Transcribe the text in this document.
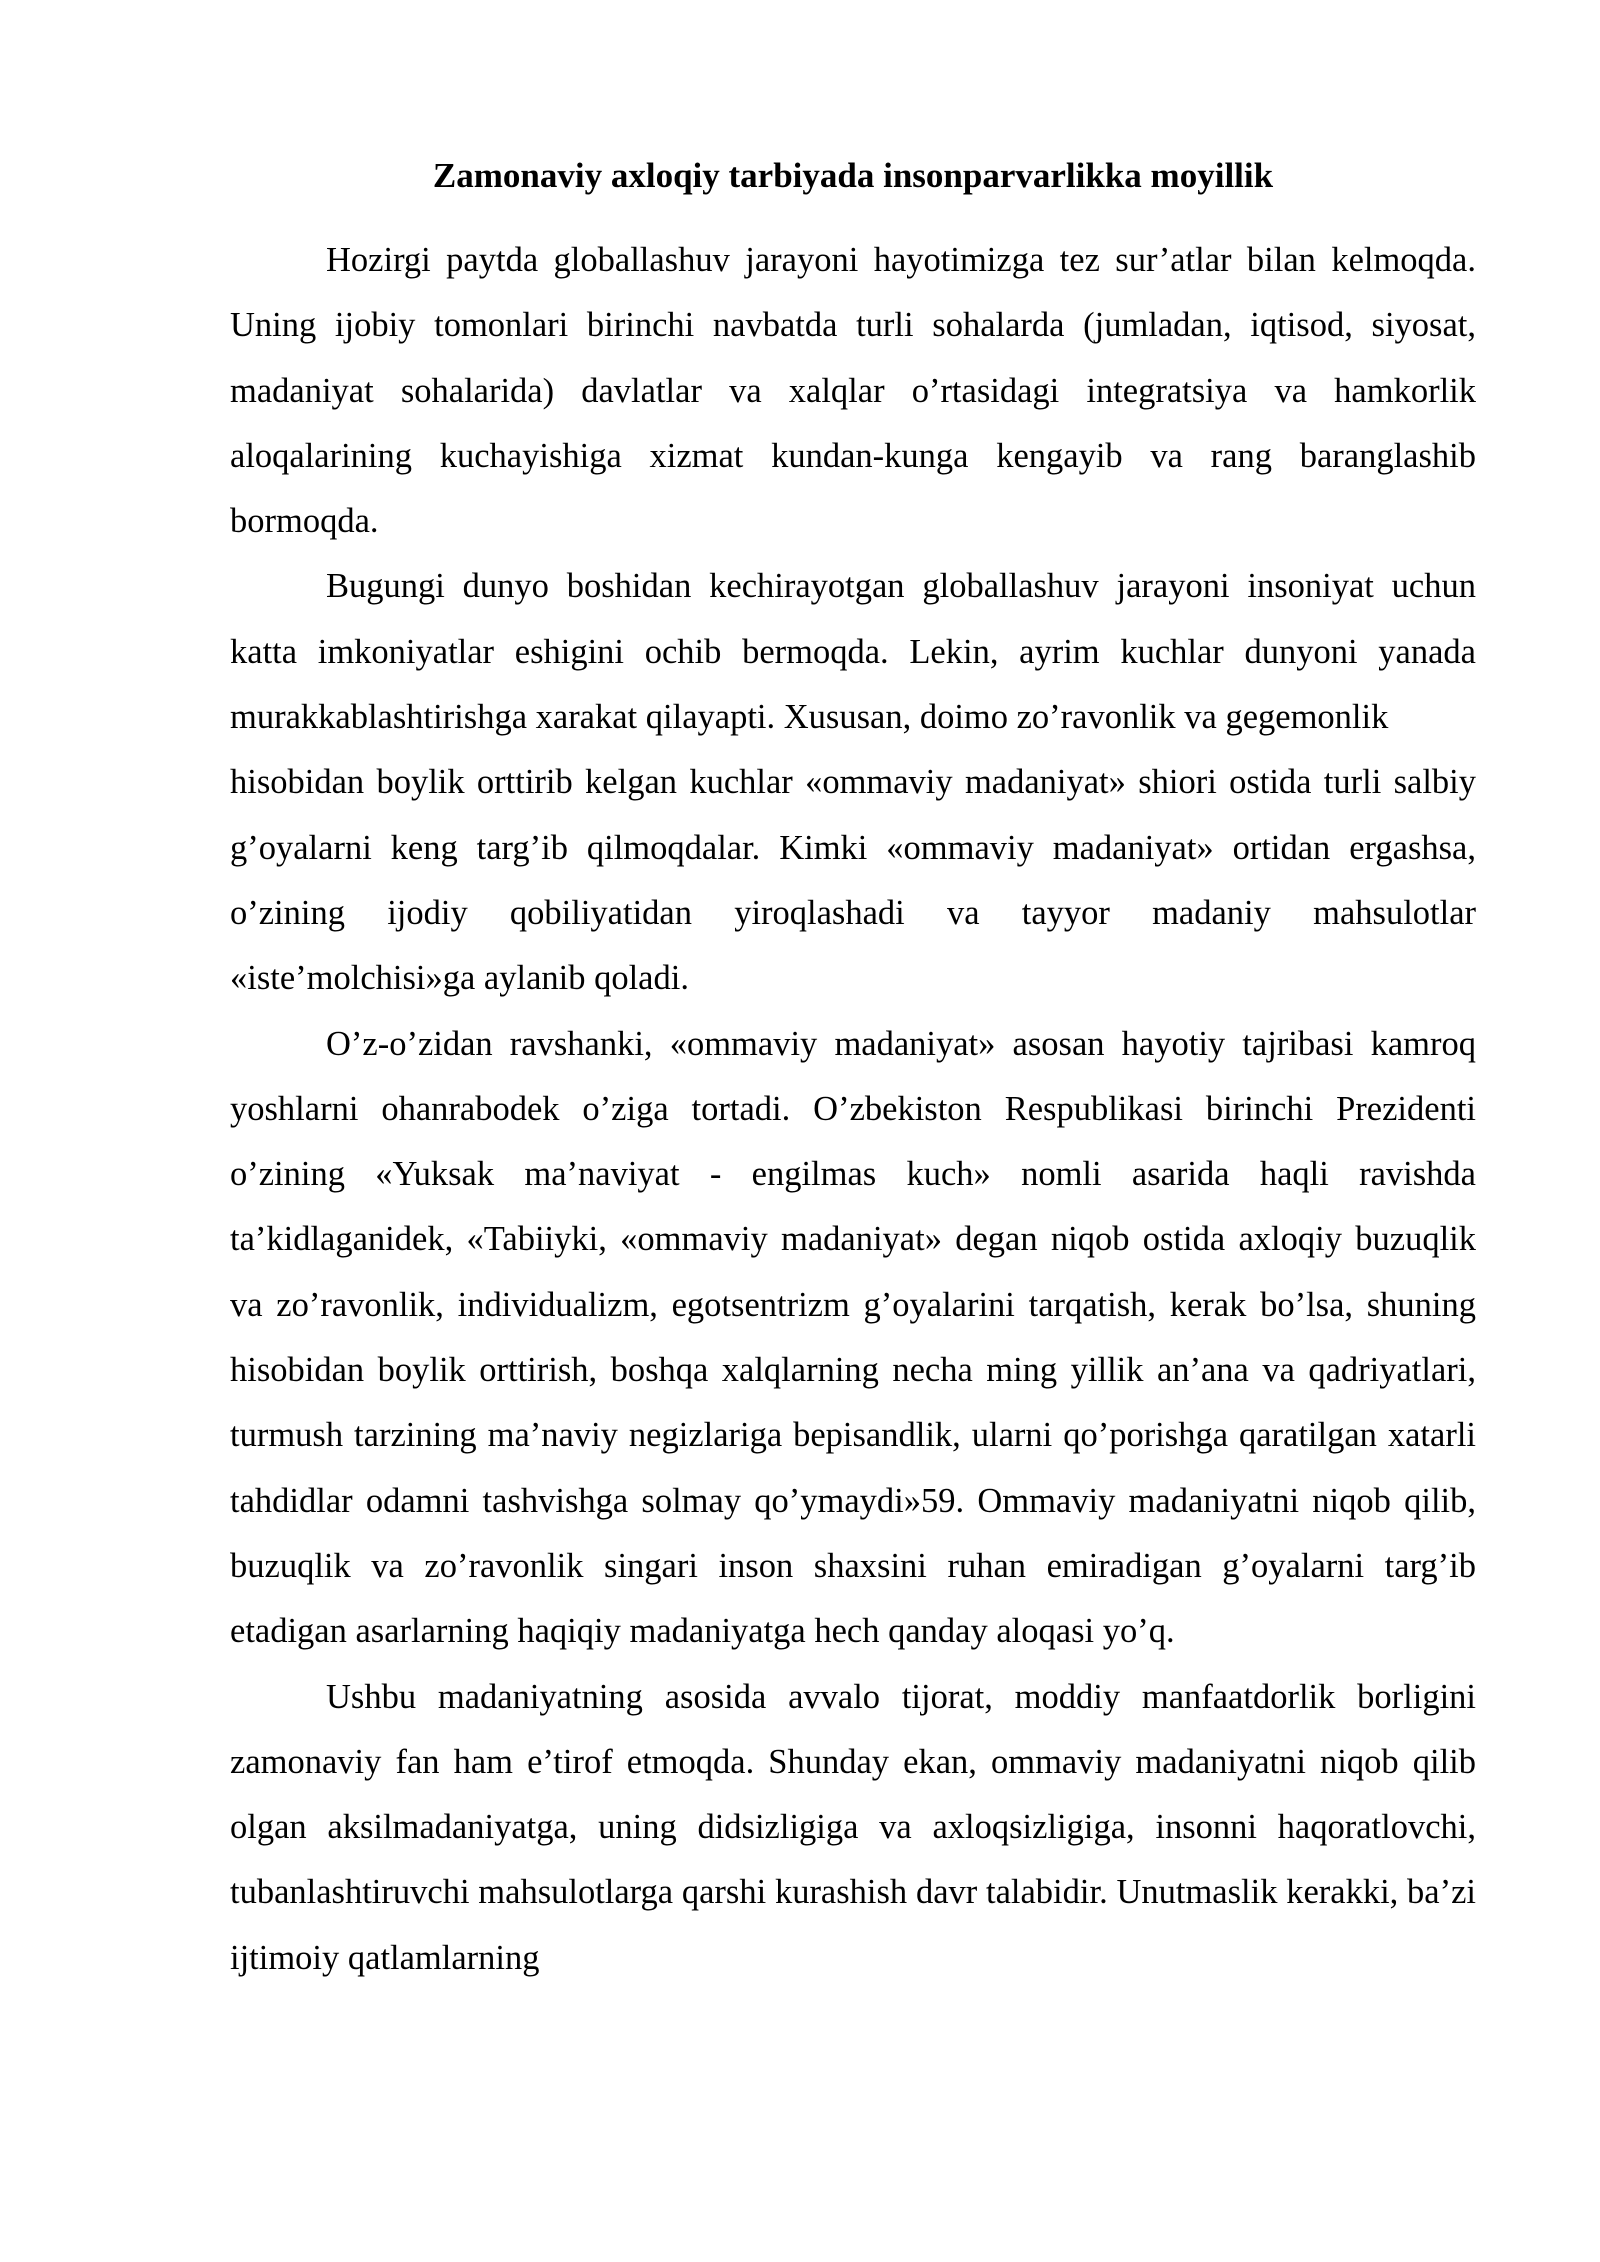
Zamonaviy axloqiy tarbiyada insonparvarlikka moyillik

Hozirgi paytda globallashuv jarayoni hayotimizga tez sur’atlar bilan kelmoqda. Uning ijobiy tomonlari birinchi navbatda turli sohalarda (jumladan, iqtisod, siyosat, madaniyat sohalarida) davlatlar va xalqlar o’rtasidagi integratsiya va hamkorlik aloqalarining kuchayishiga xizmat kundan-kunga kengayib va rang baranglashib bormoqda.

Bugungi dunyo boshidan kechirayotgan globallashuv jarayoni insoniyat uchun katta imkoniyatlar eshigini ochib bermoqda. Lekin, ayrim kuchlar dunyoni yanada murakkablashtirishga xarakat qilayapti. Xususan, doimo zo’ravonlik va gegemonlik

hisobidan boylik orttirib kelgan kuchlar «ommaviy madaniyat» shiori ostida turli salbiy g’oyalarni keng targ’ib qilmoqdalar. Kimki «ommaviy madaniyat» ortidan ergashsa, o’zining ijodiy qobiliyatidan yiroqlashadi va tayyor madaniy mahsulotlar «iste’molchisi»ga aylanib qoladi.

O’z-o’zidan ravshanki, «ommaviy madaniyat» asosan hayotiy tajribasi kamroq yoshlarni ohanrabodek o’ziga tortadi. O’zbekiston Respublikasi birinchi Prezidenti o’zining «Yuksak ma’naviyat - engilmas kuch» nomli asarida haqli ravishda ta’kidlaganidek, «Tabiiyki, «ommaviy madaniyat» degan niqob ostida axloqiy buzuqlik va zo’ravonlik, individualizm, egotsentrizm g’oyalarini tarqatish, kerak bo’lsa, shuning hisobidan boylik orttirish, boshqa xalqlarning necha ming yillik an’ana va qadriyatlari, turmush tarzining ma’naviy negizlariga bepisandlik, ularni qo’porishga qaratilgan xatarli tahdidlar odamni tashvishga solmay qo’ymaydi»59. Ommaviy madaniyatni niqob qilib, buzuqlik va zo’ravonlik singari inson shaxsini ruhan emiradigan g’oyalarni targ’ib etadigan asarlarning haqiqiy madaniyatga hech qanday aloqasi yo’q.

Ushbu madaniyatning asosida avvalo tijorat, moddiy manfaatdorlik borligini zamonaviy fan ham e’tirof etmoqda. Shunday ekan, ommaviy madaniyatni niqob qilib olgan aksilmadaniyatga, uning didsizligiga va axloqsizligiga, insonni haqoratlovchi, tubanlashtiruvchi mahsulotlarga qarshi kurashish davr talabidir. Unutmaslik kerakki, ba’zi ijtimoiy qatlamlarning
